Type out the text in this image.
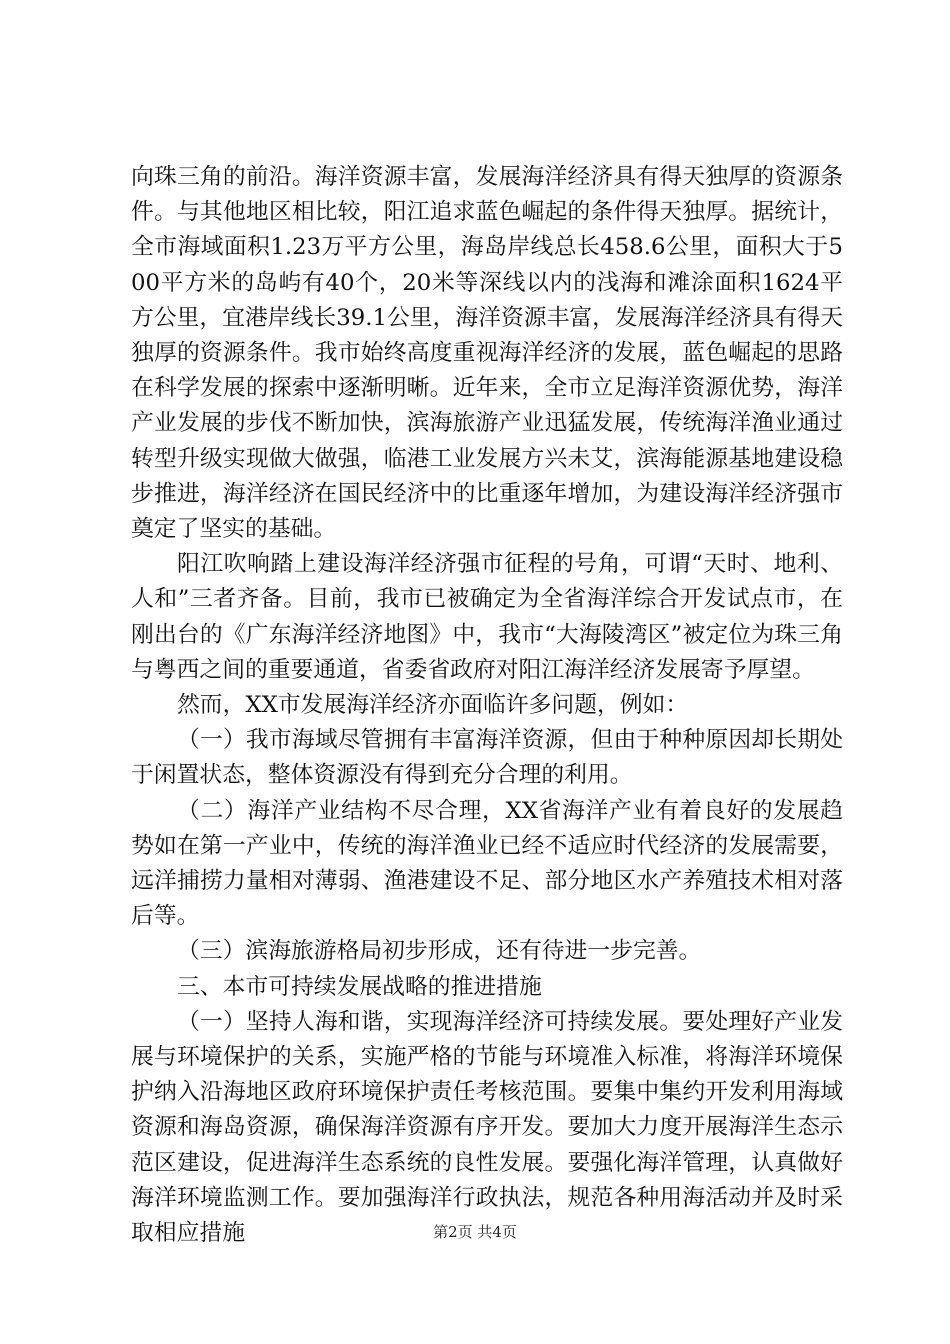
向珠三角的前沿。海洋资源丰富，发展海洋经济具有得天独厚的资源条件。与其他地区相比较，阳江追求蓝色崛起的条件得天独厚。据统计，全市海域面积1.23万平方公里，海岛岸线总长458.6公里，面积大于500平方米的岛屿有40个，20米等深线以内的浅海和滩涂面积1624平方公里，宜港岸线长39.1公里，海洋资源丰富，发展海洋经济具有得天独厚的资源条件。我市始终高度重视海洋经济的发展，蓝色崛起的思路在科学发展的探索中逐渐明晰。近年来，全市立足海洋资源优势，海洋产业发展的步伐不断加快，滨海旅游产业迅猛发展，传统海洋渔业通过转型升级实现做大做强，临港工业发展方兴未艾，滨海能源基地建设稳步推进，海洋经济在国民经济中的比重逐年增加，为建设海洋经济强市奠定了坚实的基础。

阳江吹响踏上建设海洋经济强市征程的号角，可谓“天时、地利、人和”三者齐备。目前，我市已被确定为全省海洋综合开发试点市，在刚出台的《广东海洋经济地图》中，我市“大海陵湾区”被定位为珠三角与粤西之间的重要通道，省委省政府对阳江海洋经济发展寄予厚望。

然而，XX市发展海洋经济亦面临许多问题，例如：

（一）我市海域尽管拥有丰富海洋资源，但由于种种原因却长期处于闲置状态，整体资源没有得到充分合理的利用。

（二）海洋产业结构不尽合理，XX省海洋产业有着良好的发展趋势如在第一产业中，传统的海洋渔业已经不适应时代经济的发展需要，远洋捕捞力量相对薄弱、渔港建设不足、部分地区水产养殖技术相对落后等。

（三）滨海旅游格局初步形成，还有待进一步完善。

三、本市可持续发展战略的推进措施

（一）坚持人海和谐，实现海洋经济可持续发展。要处理好产业发展与环境保护的关系，实施严格的节能与环境准入标准，将海洋环境保护纳入沿海地区政府环境保护责任考核范围。要集中集约开发利用海域资源和海岛资源，确保海洋资源有序开发。要加大力度开展海洋生态示范区建设，促进海洋生态系统的良性发展。要强化海洋管理，认真做好海洋环境监测工作。要加强海洋行政执法，规范各种用海活动并及时采取相应措施	第2页 共4页
